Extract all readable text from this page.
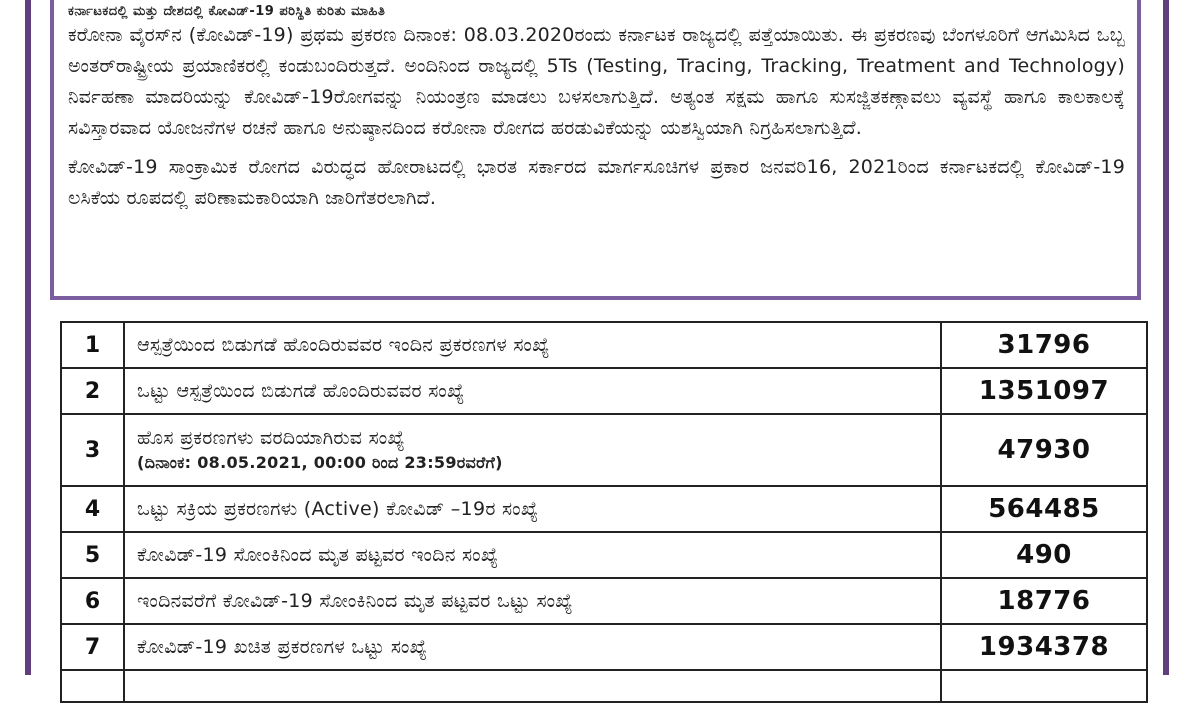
ಕರ್ನಾಟಕದಲ್ಲಿ ಮತ್ತು ದೇಶದಲ್ಲಿ ಕೋವಿಡ್-19 ಪರಿಸ್ಥಿತಿ ಕುರಿತು ಮಾಹಿತಿ

ಕರೋನಾ ವೈರಸ್‌ನ (ಕೋವಿಡ್-19) ಪ್ರಥಮ ಪ್ರಕರಣ ದಿನಾಂಕ: 08.03.2020ರಂದು ಕರ್ನಾಟಕ ರಾಜ್ಯದಲ್ಲಿ ಪತ್ತೆಯಾಯಿತು. ಈ ಪ್ರಕರಣವು ಬೆಂಗಳೂರಿಗೆ ಆಗಮಿಸಿದ ಒಬ್ಬ ಅಂತರ್‌ರಾಷ್ಟ್ರೀಯ ಪ್ರಯಾಣಿಕರಲ್ಲಿ ಕಂಡುಬಂದಿರುತ್ತದೆ. ಅಂದಿನಿಂದ ರಾಜ್ಯದಲ್ಲಿ 5Ts (Testing, Tracing, Tracking, Treatment and Technology) ನಿರ್ವಹಣಾ ಮಾದರಿಯನ್ನು ಕೋವಿಡ್-19ರೋಗವನ್ನು ನಿಯಂತ್ರಣ ಮಾಡಲು ಬಳಸಲಾಗುತ್ತಿದೆ. ಅತ್ಯಂತ ಸಕ್ಷಮ ಹಾಗೂ ಸುಸಜ್ಜಿತಕಣ್ಗಾವಲು ವ್ಯವಸ್ಥೆ ಹಾಗೂ ಕಾಲಕಾಲಕ್ಕೆ ಸವಿಸ್ತಾರವಾದ ಯೋಜನೆಗಳ ರಚನೆ ಹಾಗೂ ಅನುಷ್ಠಾನದಿಂದ ಕರೋನಾ ರೋಗದ ಹರಡುವಿಕೆಯನ್ನು ಯಶಸ್ವಿಯಾಗಿ ನಿಗ್ರಹಿಸಲಾಗುತ್ತಿದೆ.

ಕೋವಿಡ್-19 ಸಾಂಕ್ರಾಮಿಕ ರೋಗದ ವಿರುದ್ಧದ ಹೋರಾಟದಲ್ಲಿ ಭಾರತ ಸರ್ಕಾರದ ಮಾರ್ಗಸೂಚಿಗಳ ಪ್ರಕಾರ ಜನವರಿ16, 2021ರಿಂದ ಕರ್ನಾಟಕದಲ್ಲಿ ಕೋವಿಡ್-19 ಲಸಿಕೆಯ ರೂಪದಲ್ಲಿ ಪರಿಣಾಮಕಾರಿಯಾಗಿ ಜಾರಿಗೆತರಲಾಗಿದೆ.

1	ಆಸ್ಪತ್ರೆಯಿಂದ ಬಿಡುಗಡೆ ಹೊಂದಿರುವವರ ಇಂದಿನ ಪ್ರಕರಣಗಳ ಸಂಖ್ಯೆ	31796
2	ಒಟ್ಟು ಆಸ್ಪತ್ರೆಯಿಂದ ಬಿಡುಗಡೆ ಹೊಂದಿರುವವರ ಸಂಖ್ಯೆ	1351097
3	ಹೊಸ ಪ್ರಕರಣಗಳು ವರದಿಯಾಗಿರುವ ಸಂಖ್ಯೆ
(ದಿನಾಂಕ: 08.05.2021, 00:00 ರಿಂದ 23:59ರವರೆಗೆ)	47930
4	ಒಟ್ಟು ಸಕ್ರಿಯ ಪ್ರಕರಣಗಳು (Active) ಕೋವಿಡ್ –19ರ ಸಂಖ್ಯೆ	564485
5	ಕೋವಿಡ್-19 ಸೋಂಕಿನಿಂದ ಮೃತ ಪಟ್ಟವರ ಇಂದಿನ ಸಂಖ್ಯೆ	490
6	ಇಂದಿನವರೆಗೆ ಕೋವಿಡ್-19 ಸೋಂಕಿನಿಂದ ಮೃತ ಪಟ್ಟವರ ಒಟ್ಟು ಸಂಖ್ಯೆ	18776
7	ಕೋವಿಡ್-19 ಖಚಿತ ಪ್ರಕರಣಗಳ ಒಟ್ಟು ಸಂಖ್ಯೆ	1934378
